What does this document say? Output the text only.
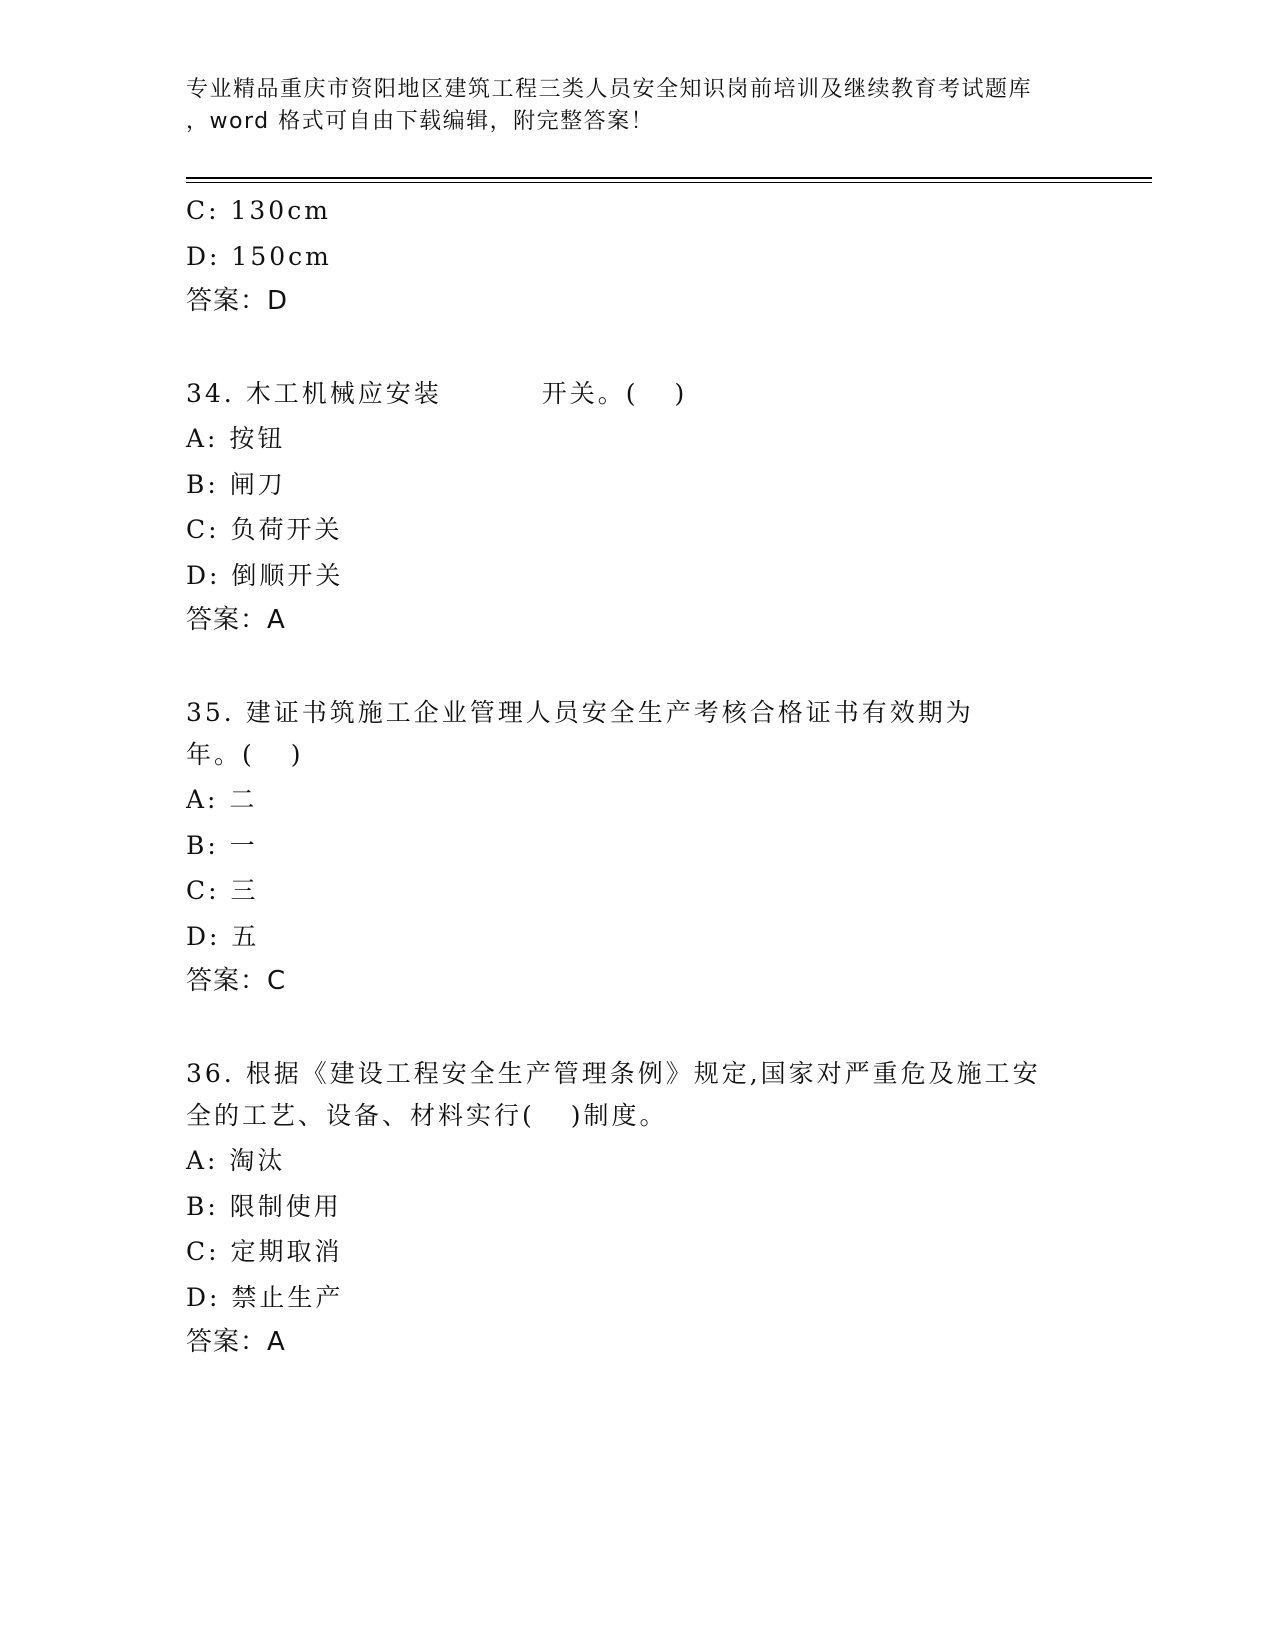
专业精品重庆市资阳地区建筑工程三类人员安全知识岗前培训及继续教育考试题库
，word 格式可自由下载编辑，附完整答案！
C: 130cm
D: 150cm
答案：D
34. 木工机械应安装	开关。( )
A: 按钮
B: 闸刀
C: 负荷开关
D: 倒顺开关
答案：A
35. 建证书筑施工企业管理人员安全生产考核合格证书有效期为
年。( )
A: 二
B: 一
C: 三
D: 五
答案：C
36. 根据《建设工程安全生产管理条例》规定,国家对严重危及施工安
全的工艺、设备、材料实行( )制度。
A: 淘汰
B: 限制使用
C: 定期取消
D: 禁止生产
答案：A
